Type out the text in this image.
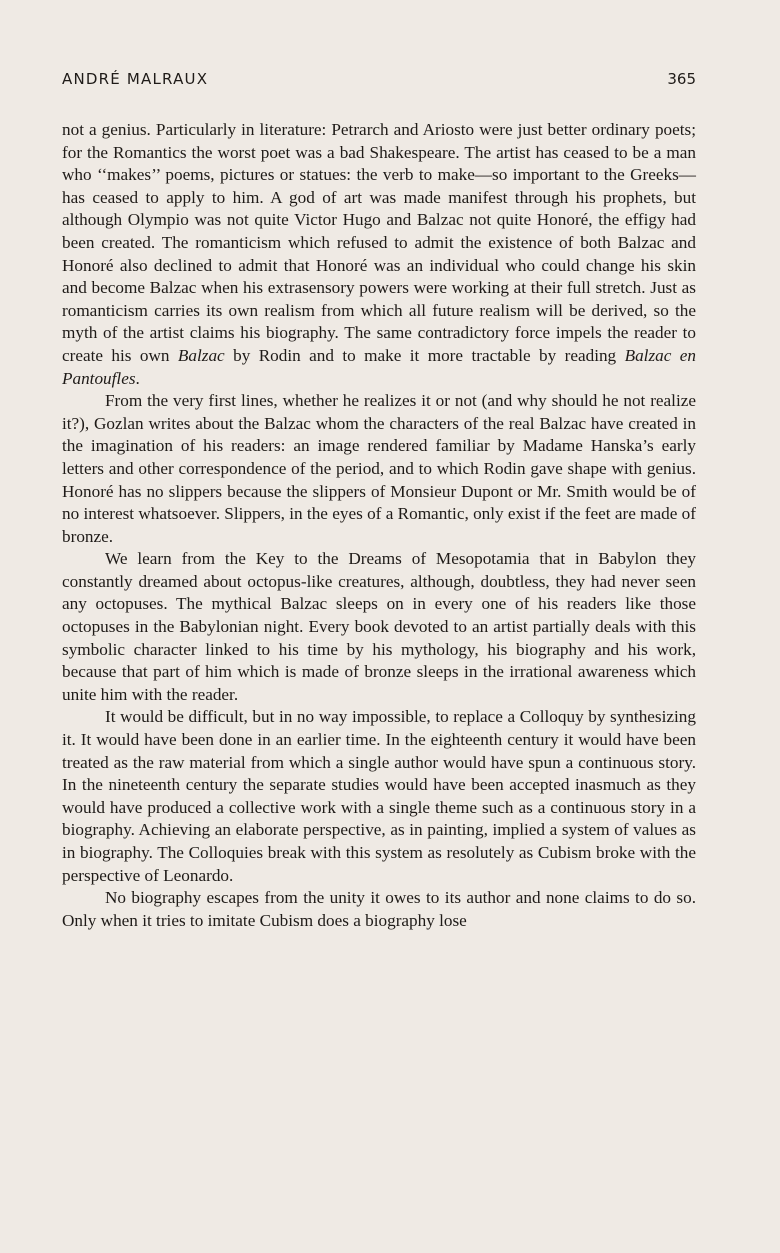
ANDRÉ MALRAUX	365

not a genius. Particularly in literature: Petrarch and Ariosto were just better ordinary poets; for the Romantics the worst poet was a bad Shakespeare. The artist has ceased to be a man who ‘‘makes’’ poems, pictures or statues: the verb to make—so important to the Greeks—has ceased to apply to him. A god of art was made manifest through his prophets, but although Olympio was not quite Victor Hugo and Balzac not quite Honoré, the effigy had been created. The romanticism which refused to admit the existence of both Balzac and Honoré also declined to admit that Honoré was an individual who could change his skin and become Balzac when his extrasensory powers were working at their full stretch. Just as romanticism carries its own realism from which all future realism will be derived, so the myth of the artist claims his biography. The same contradictory force impels the reader to create his own Balzac by Rodin and to make it more tractable by reading Balzac en Pantoufles.

From the very first lines, whether he realizes it or not (and why should he not realize it?), Gozlan writes about the Balzac whom the characters of the real Balzac have created in the imagination of his readers: an image rendered familiar by Madame Hanska’s early letters and other correspondence of the period, and to which Rodin gave shape with genius. Honoré has no slippers because the slippers of Monsieur Dupont or Mr. Smith would be of no interest whatsoever. Slippers, in the eyes of a Romantic, only exist if the feet are made of bronze.

We learn from the Key to the Dreams of Mesopotamia that in Babylon they constantly dreamed about octopus-like creatures, although, doubtless, they had never seen any octopuses. The mythical Balzac sleeps on in every one of his readers like those octopuses in the Babylonian night. Every book devoted to an artist partially deals with this symbolic character linked to his time by his mythology, his biography and his work, because that part of him which is made of bronze sleeps in the irrational awareness which unite him with the reader.

It would be difficult, but in no way impossible, to replace a Colloquy by synthesizing it. It would have been done in an earlier time. In the eighteenth century it would have been treated as the raw material from which a single author would have spun a continuous story. In the nineteenth century the separate studies would have been accepted inasmuch as they would have produced a collective work with a single theme such as a continuous story in a biography. Achieving an elaborate perspective, as in painting, implied a system of values as in biography. The Colloquies break with this system as resolutely as Cubism broke with the perspective of Leonardo.

No biography escapes from the unity it owes to its author and none claims to do so. Only when it tries to imitate Cubism does a biography lose
